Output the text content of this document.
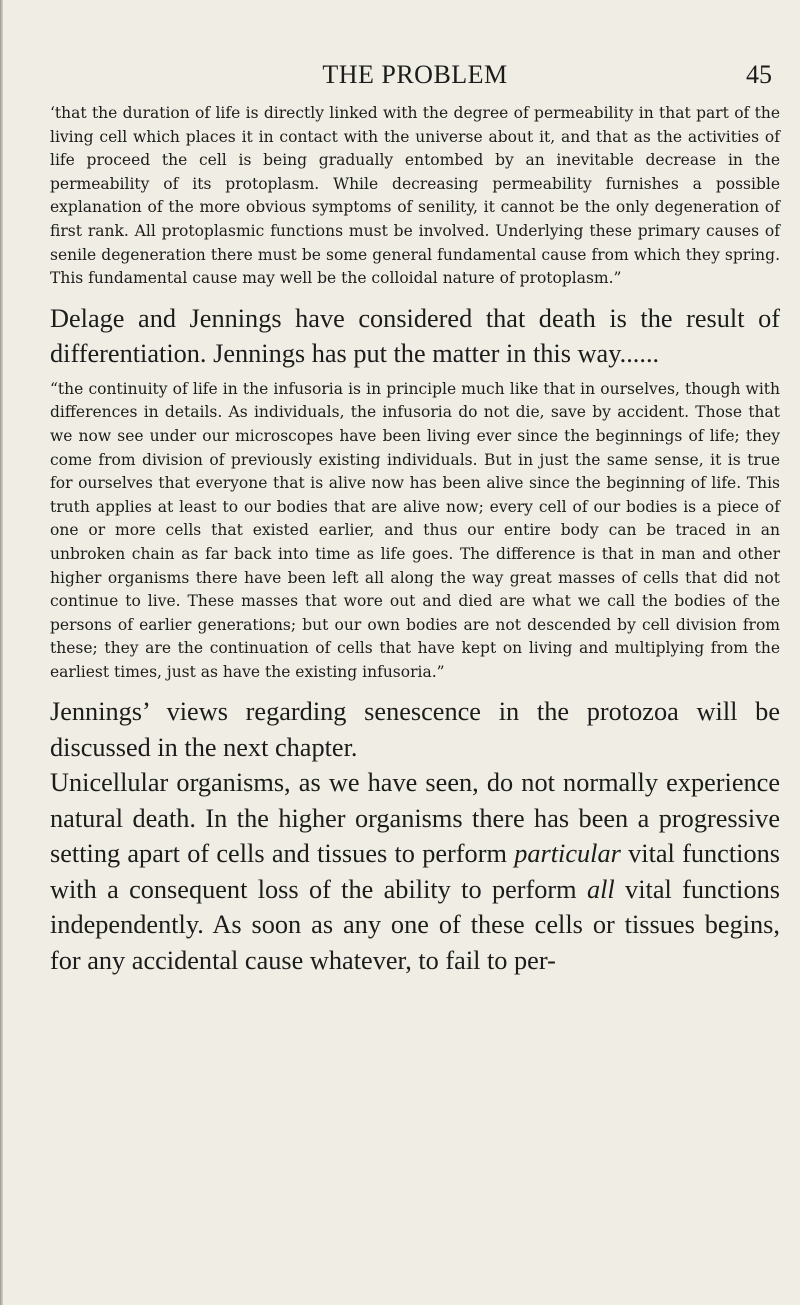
THE PROBLEM	45

‘that the duration of life is directly linked with the degree of permeability in that part of the living cell which places it in contact with the universe about it, and that as the activities of life proceed the cell is being gradually entombed by an inevitable decrease in the permeability of its protoplasm. While decreasing permeability furnishes a possible explanation of the more obvious symptoms of senility, it cannot be the only degeneration of first rank. All protoplasmic functions must be involved. Underlying these primary causes of senile degeneration there must be some general fundamental cause from which they spring. This fundamental cause may well be the colloidal nature of protoplasm.”

Delage and Jennings have considered that death is the result of differentiation. Jennings has put the matter in this way......

“the continuity of life in the infusoria is in principle much like that in ourselves, though with differences in details. As individuals, the infusoria do not die, save by accident. Those that we now see under our microscopes have been living ever since the beginnings of life; they come from division of previously existing individuals. But in just the same sense, it is true for ourselves that everyone that is alive now has been alive since the beginning of life. This truth applies at least to our bodies that are alive now; every cell of our bodies is a piece of one or more cells that existed earlier, and thus our entire body can be traced in an unbroken chain as far back into time as life goes. The difference is that in man and other higher organisms there have been left all along the way great masses of cells that did not continue to live. These masses that wore out and died are what we call the bodies of the persons of earlier generations; but our own bodies are not descended by cell division from these; they are the continuation of cells that have kept on living and multiplying from the earliest times, just as have the existing infusoria.”

Jennings’ views regarding senescence in the protozoa will be discussed in the next chapter.

Unicellular organisms, as we have seen, do not normally experience natural death. In the higher organisms there has been a progressive setting apart of cells and tissues to perform particular vital functions with a consequent loss of the ability to perform all vital functions independently. As soon as any one of these cells or tissues begins, for any accidental cause whatever, to fail to per-
